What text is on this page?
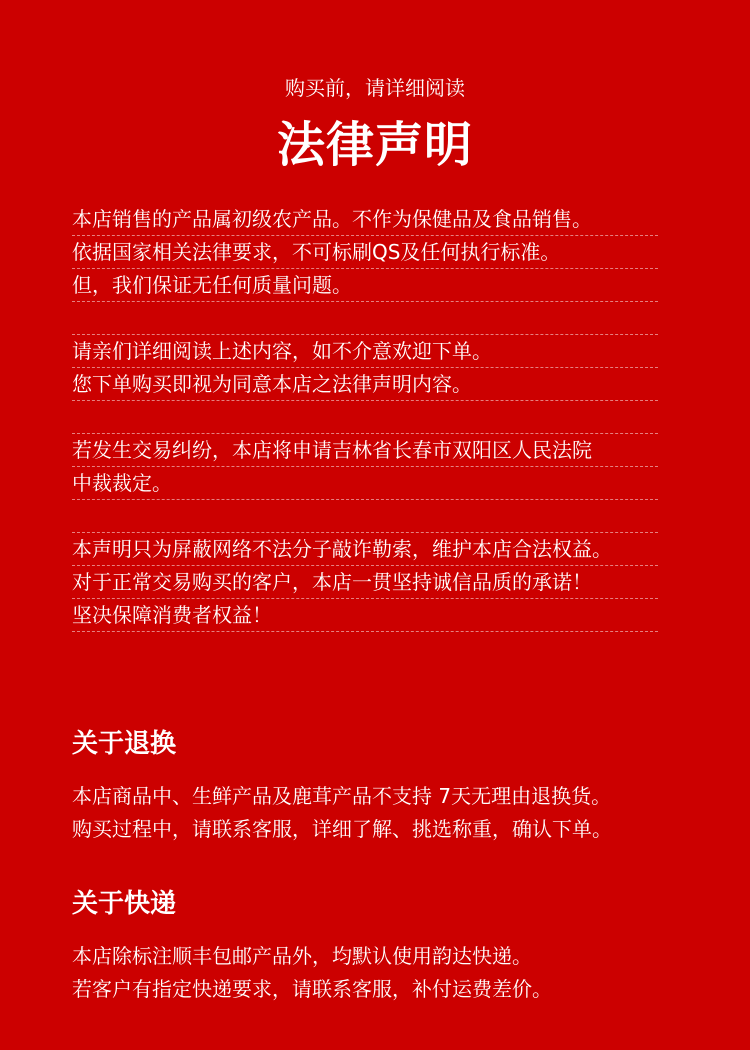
购买前，请详细阅读
法律声明
本店销售的产品属初级农产品。不作为保健品及食品销售。
依据国家相关法律要求，不可标刷QS及任何执行标准。
但，我们保证无任何质量问题。
请亲们详细阅读上述内容，如不介意欢迎下单。
您下单购买即视为同意本店之法律声明内容。
若发生交易纠纷，本店将申请吉林省长春市双阳区人民法院
中裁裁定。
本声明只为屏蔽网络不法分子敲诈勒索，维护本店合法权益。
对于正常交易购买的客户，本店一贯坚持诚信品质的承诺！
坚决保障消费者权益！
关于退换
本店商品中、生鲜产品及鹿茸产品不支持 7天无理由退换货。
购买过程中，请联系客服，详细了解、挑选称重，确认下单。
关于快递
本店除标注顺丰包邮产品外，均默认使用韵达快递。
若客户有指定快递要求，请联系客服，补付运费差价。
